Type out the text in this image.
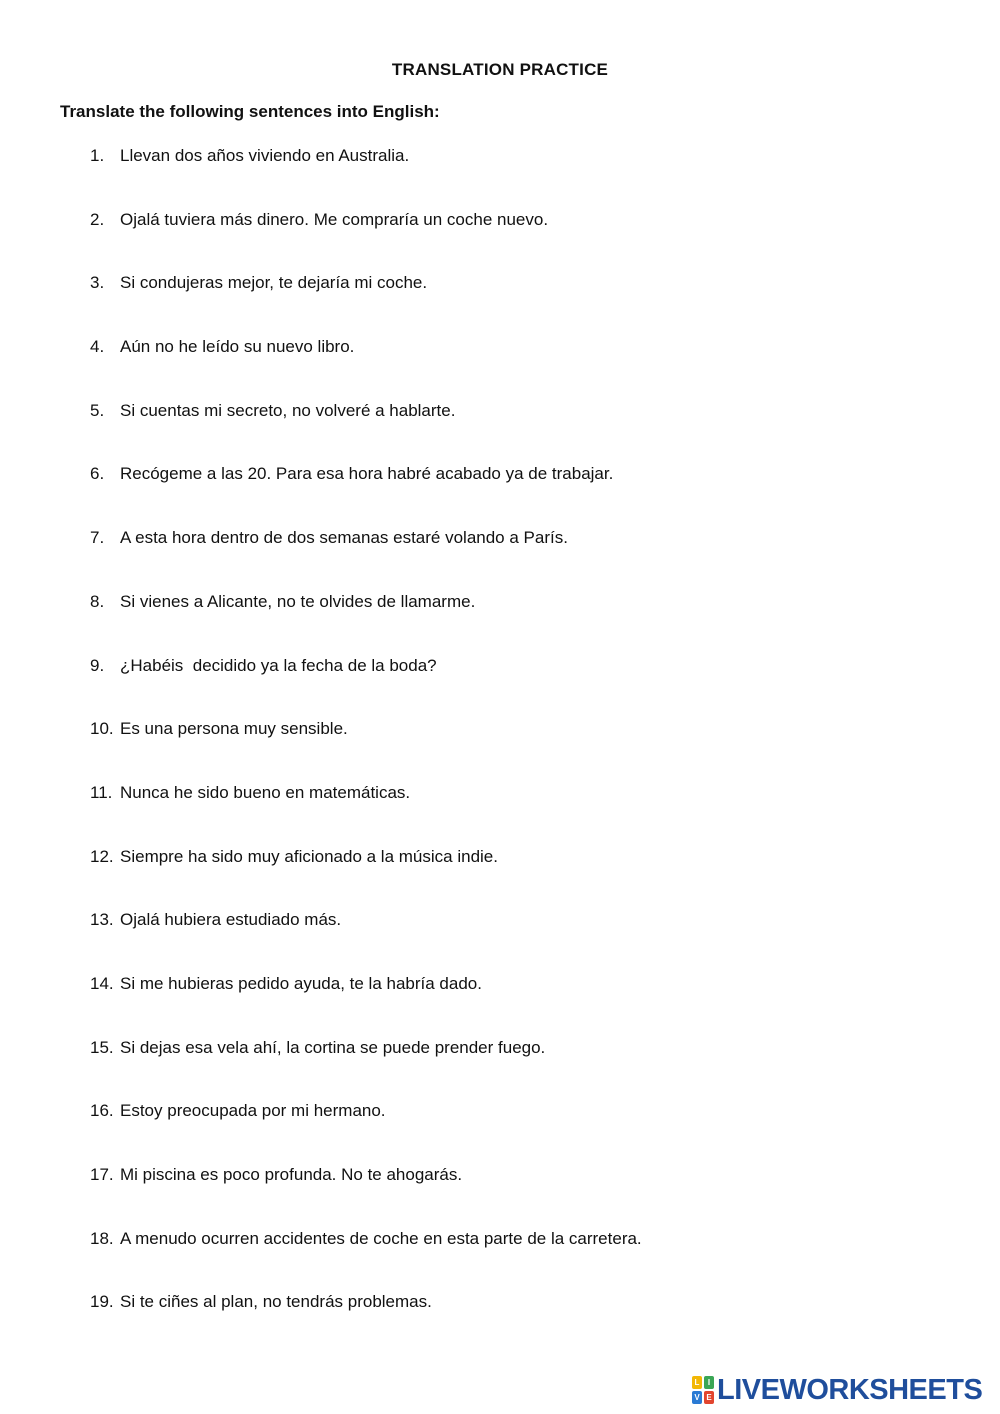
TRANSLATION PRACTICE
Translate the following sentences into English:
1. Llevan dos años viviendo en Australia.
2. Ojalá tuviera más dinero. Me compraría un coche nuevo.
3. Si condujeras mejor, te dejaría mi coche.
4. Aún no he leído su nuevo libro.
5. Si cuentas mi secreto, no volveré a hablarte.
6. Recógeme a las 20. Para esa hora habré acabado ya de trabajar.
7. A esta hora dentro de dos semanas estaré volando a París.
8. Si vienes a Alicante, no te olvides de llamarme.
9. ¿Habéis  decidido ya la fecha de la boda?
10. Es una persona muy sensible.
11. Nunca he sido bueno en matemáticas.
12. Siempre ha sido muy aficionado a la música indie.
13. Ojalá hubiera estudiado más.
14. Si me hubieras pedido ayuda, te la habría dado.
15. Si dejas esa vela ahí, la cortina se puede prender fuego.
16. Estoy preocupada por mi hermano.
17. Mi piscina es poco profunda. No te ahogarás.
18. A menudo ocurren accidentes de coche en esta parte de la carretera.
19. Si te ciñes al plan, no tendrás problemas.
L	I
V E LIVEWORKSHEETS
